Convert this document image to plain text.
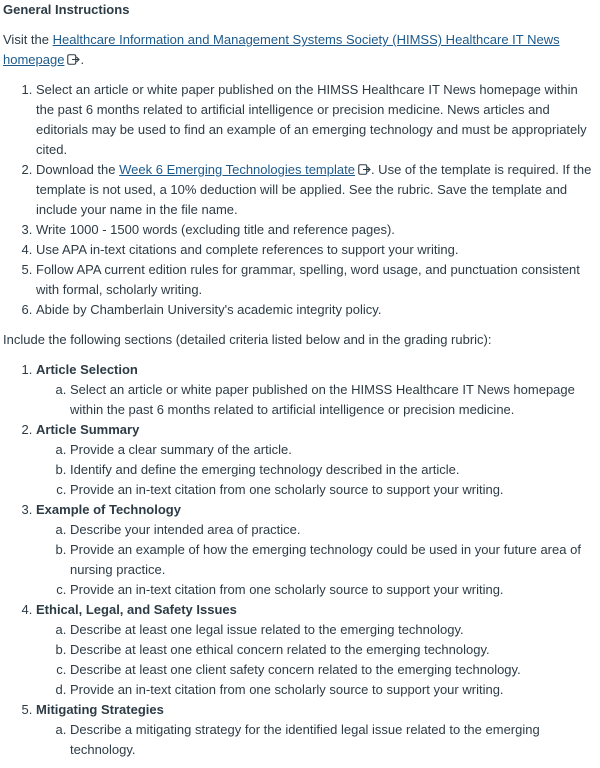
General Instructions

Visit the Healthcare Information and Management Systems Society (HIMSS) Healthcare IT News homepage .

1. Select an article or white paper published on the HIMSS Healthcare IT News homepage within the past 6 months related to artificial intelligence or precision medicine. News articles and editorials may be used to find an example of an emerging technology and must be appropriately cited.
2. Download the Week 6 Emerging Technologies template . Use of the template is required. If the template is not used, a 10% deduction will be applied. See the rubric. Save the template and include your name in the file name.
3. Write 1000 - 1500 words (excluding title and reference pages).
4. Use APA in-text citations and complete references to support your writing.
5. Follow APA current edition rules for grammar, spelling, word usage, and punctuation consistent with formal, scholarly writing.
6. Abide by Chamberlain University's academic integrity policy.

Include the following sections (detailed criteria listed below and in the grading rubric):

1. Article Selection
a. Select an article or white paper published on the HIMSS Healthcare IT News homepage within the past 6 months related to artificial intelligence or precision medicine.
2. Article Summary
a. Provide a clear summary of the article.
b. Identify and define the emerging technology described in the article.
c. Provide an in-text citation from one scholarly source to support your writing.
3. Example of Technology
a. Describe your intended area of practice.
b. Provide an example of how the emerging technology could be used in your future area of nursing practice.
c. Provide an in-text citation from one scholarly source to support your writing.
4. Ethical, Legal, and Safety Issues
a. Describe at least one legal issue related to the emerging technology.
b. Describe at least one ethical concern related to the emerging technology.
c. Describe at least one client safety concern related to the emerging technology.
d. Provide an in-text citation from one scholarly source to support your writing.
5. Mitigating Strategies
a. Describe a mitigating strategy for the identified legal issue related to the emerging technology.
